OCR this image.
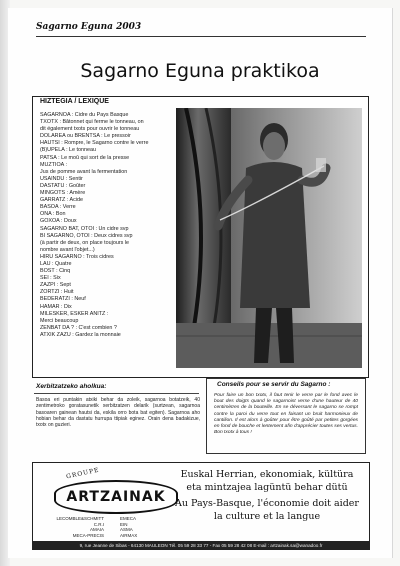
Sagarno Eguna 2003
Sagarno Eguna praktikoa
HIZTEGIA / LEXIQUE
SAGARNOA : Cidre du Pays Basque
TXOTX : Bâtonnet qui ferme le tonneau, on
dit également txots pour ouvrir le tonneau
DOLAREA ou BRENTSA : Le pressoir
HAUTSI : Rompre, le Sagarno contre le verre
(B)UPELA : Le tonneau
PATSA : Le moû qui sort de la presse
MUZTIOA :
Jus de pomme avant la fermentation
USAINDU : Sentir
DASTATU : Goûter
MINGOTS : Amère
GARRATZ : Acide
BASOA : Verre
ONA : Bon
GOXOA : Doux
SAGARNO BAT, OTOI : Un cidre svp
BI SAGARNO, OTOI : Deux cidres svp
(à partir de deux, on place toujours le
nombre avant l'objet...)
HIRU SAGARNO : Trois cidres
LAU : Quatre
BOST : Cinq
SEI : Six
ZAZPI : Sept
ZORTZI : Huit
BEDERATZI : Neuf
HAMAR : Dix
MILESKER, ESKER ANITZ :
Merci beaucoup
ZENBAT DA ? : C'est combien ?
ATXIK ZAZU : Gardez la monnaie
Xerbitzatzeko aholkua:
Basoa eri puntakin atxiki behar da zoleik, sagarnoa botatzeik, 40 zentimetroko goratasunetik xerbitzatzen delarik (surtzean, sagarnoa basoaren gainean hautsi da, eskila orro bota bat egiten). Sagarnoa aho hobian behar da dastatu hurrupa ttipiak eginez. Orain dena badakizue, txotx on guzieri.
Conseils pour se servir du Sagarno :
Pour faire un bon txotx, il faut tenir le verre par le fond avec le bout des doigts quand le sagarnoist verse d'une hauteur de 40 centimètres de la bouteille. En se déversant le sagarno se rompt contre la paroi du verre tout en faisant un bruit harmonieux de cantilion. Il est alors à goûter pour être goûté par petites gorgées en fond de bouche et lentement afin d'apprécier toutes ses vertus. Bon txotx à tous !
GROUPE
ARTZAINAK
LECOMBLE&SCHMITT
C.R.I
AMAIA
MECA-PRECIS
EMECA
EIN
ASMA
AIRMAX
Euskal Herrian, ekonomiak, kültüra
eta mintzajea lagüntü behar dütü
Au Pays-Basque, l'économie doit aider
la culture et la langue
9, rue Jeanne de Sibas - 64130 MAULEON Tél. 05 59 28 33 77 - Fax 05 59 28 42 08 E-mail : artzainak.sa@wanadoo.fr
